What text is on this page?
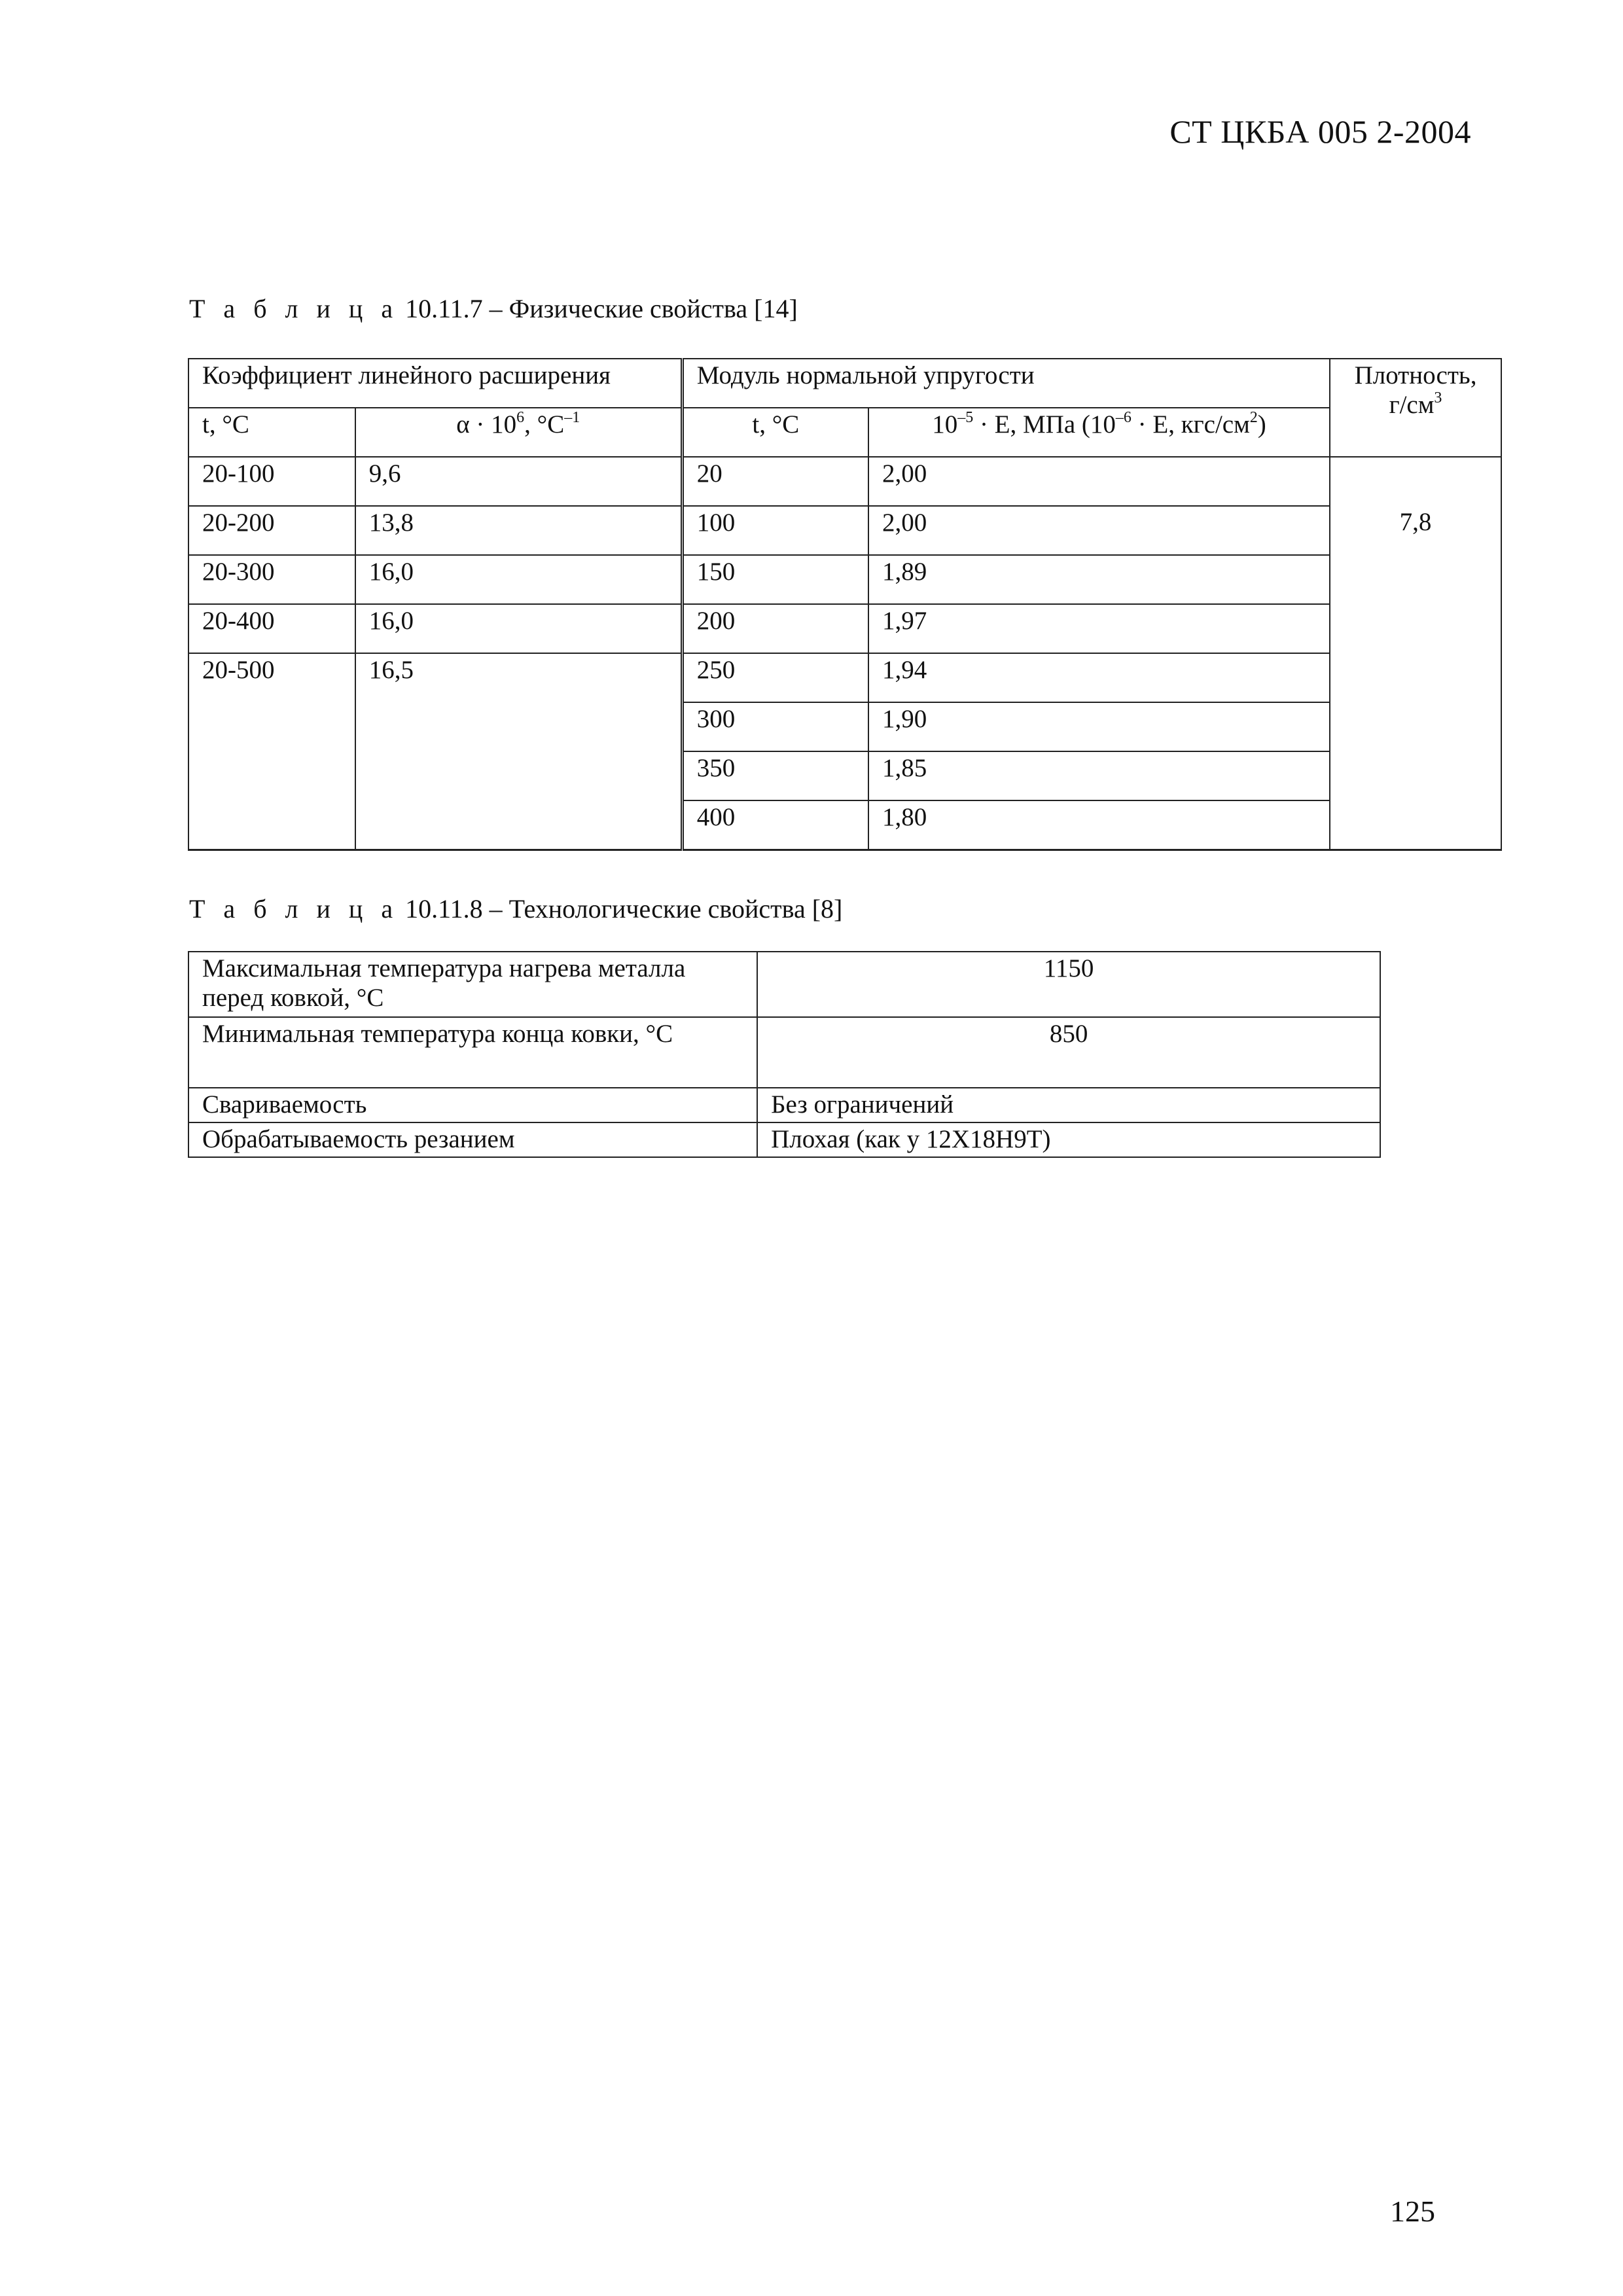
СТ ЦКБА 005 2-2004
Т а б л и ц а 10.11.7 – Физические свойства [14]
Коэффициент линейного расширения		Модуль нормальной упругости		Плотность,
$г/см^3$
t, °C	$\alpha \cdot 10^6$, $^\circ C^{-1}$	t, °C	$10^{-5} \cdot E$, МПа ($10^{-6} \cdot E$, кгс/$см^2$)	
20-100	9,6	20	2,00	7,8
20-200	13,8	100	2,00	
20-300	16,0	150	1,89	
20-400	16,0	200	1,97	
20-500	16,5	250	1,94	
		300	1,90	
		350	1,85	
		400	1,80	
Т а б л и ц а 10.11.8 – Технологические свойства [8]
Максимальная температура нагрева металла перед ковкой, °C	1150
Минимальная температура конца ковки, °C	850
Свариваемость	Без ограничений
Обрабатываемость резанием	Плохая (как у 12Х18Н9Т)
125
